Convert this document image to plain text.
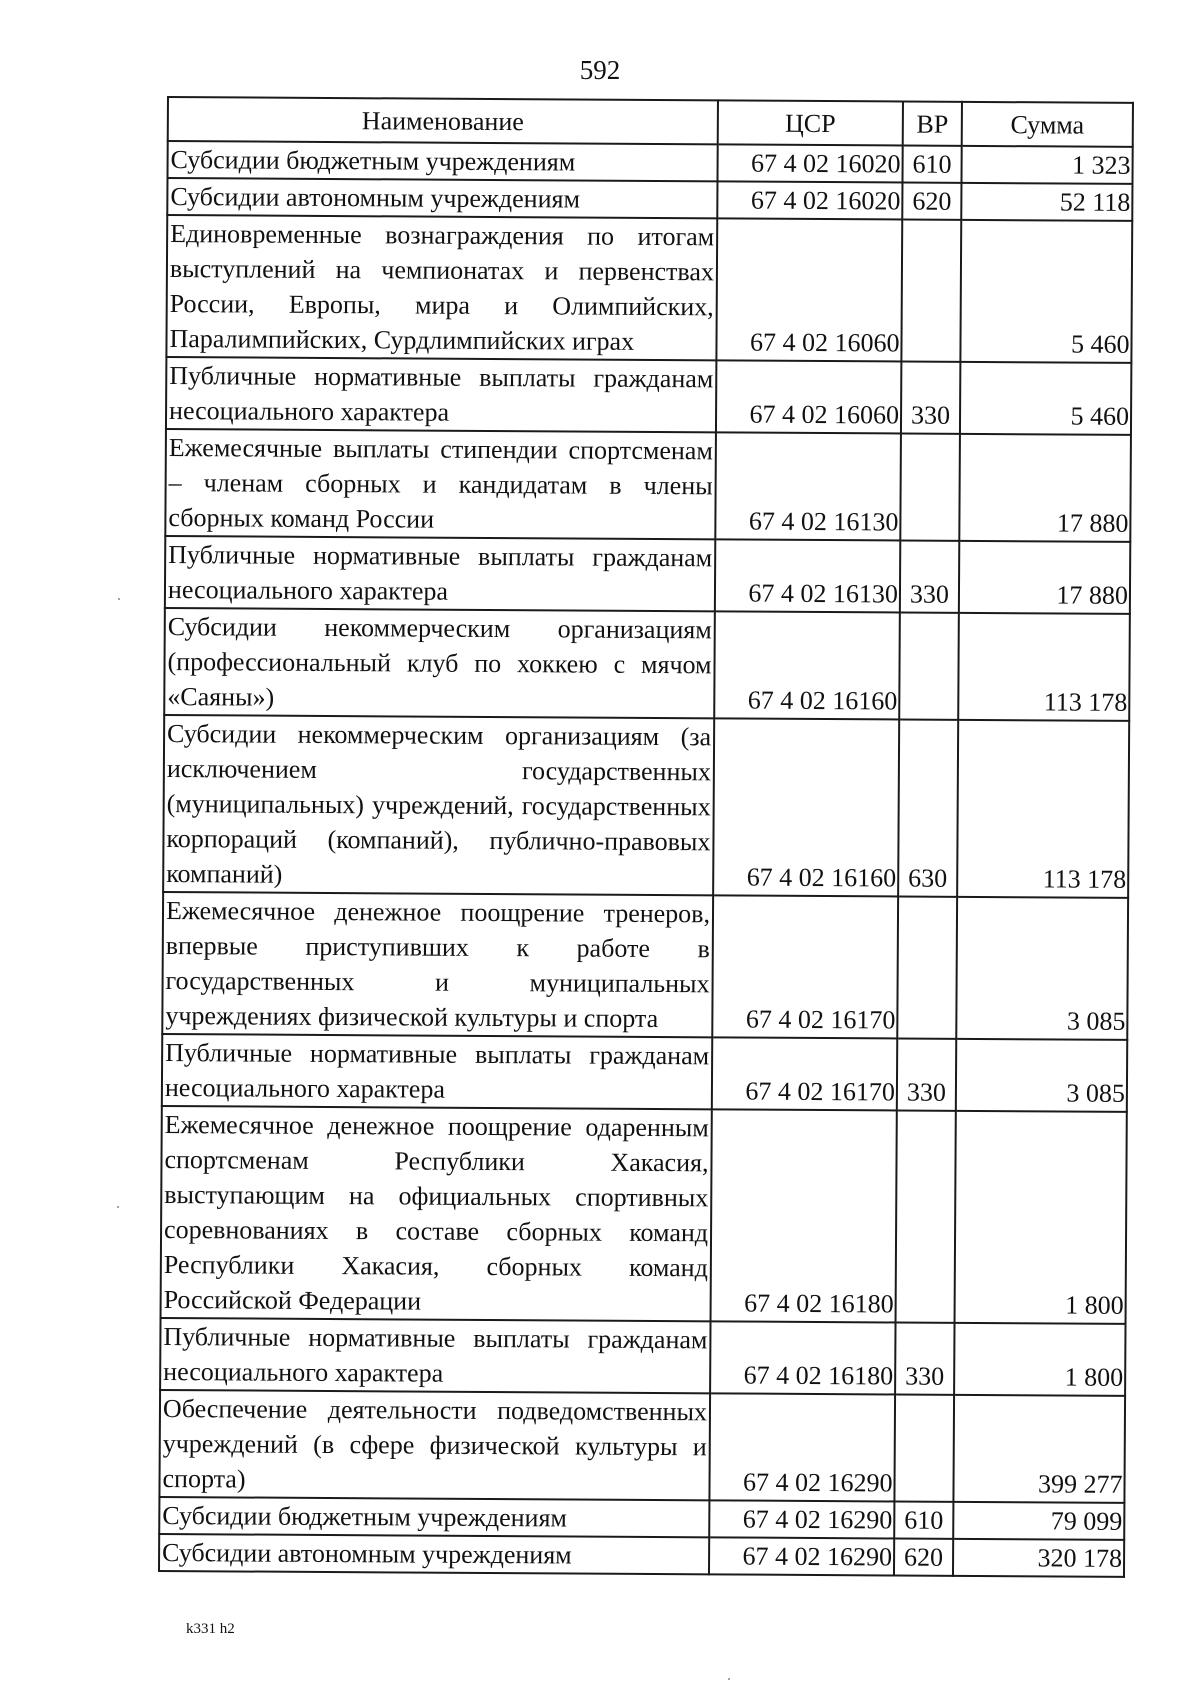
592
Наименование	ЦСР	ВР	Сумма
Субсидии бюджетным учреждениям	67 4 02 16020	610	1 323
Субсидии автономным учреждениям	67 4 02 16020	620	52 118
Единовременные вознаграждения по итогам выступлений на чемпионатах и первенствах России, Европы, мира и Олимпийских, Паралимпийских, Сурдлимпийских играх	67 4 02 16060		5 460
Публичные нормативные выплаты гражданам несоциального характера	67 4 02 16060	330	5 460
Ежемесячные выплаты стипендии спортсменам – членам сборных и кандидатам в члены сборных команд России	67 4 02 16130		17 880
Публичные нормативные выплаты гражданам несоциального характера	67 4 02 16130	330	17 880
Субсидии некоммерческим организациям (профессиональный клуб по хоккею с мячом «Саяны»)	67 4 02 16160		113 178
Субсидии некоммерческим организациям (за исключением государственных (муниципальных) учреждений, государственных корпораций (компаний), публично-правовых компаний)	67 4 02 16160	630	113 178
Ежемесячное денежное поощрение тренеров, впервые приступивших к работе в государственных и муниципальных учреждениях физической культуры и спорта	67 4 02 16170		3 085
Публичные нормативные выплаты гражданам несоциального характера	67 4 02 16170	330	3 085
Ежемесячное денежное поощрение одаренным спортсменам Республики Хакасия, выступающим на официальных спортивных соревнованиях в составе сборных команд Республики Хакасия, сборных команд Российской Федерации	67 4 02 16180		1 800
Публичные нормативные выплаты гражданам несоциального характера	67 4 02 16180	330	1 800
Обеспечение деятельности подведомственных учреждений (в сфере физической культуры и спорта)	67 4 02 16290		399 277
Субсидии бюджетным учреждениям	67 4 02 16290	610	79 099
Субсидии автономным учреждениям	67 4 02 16290	620	320 178
k331 h2
